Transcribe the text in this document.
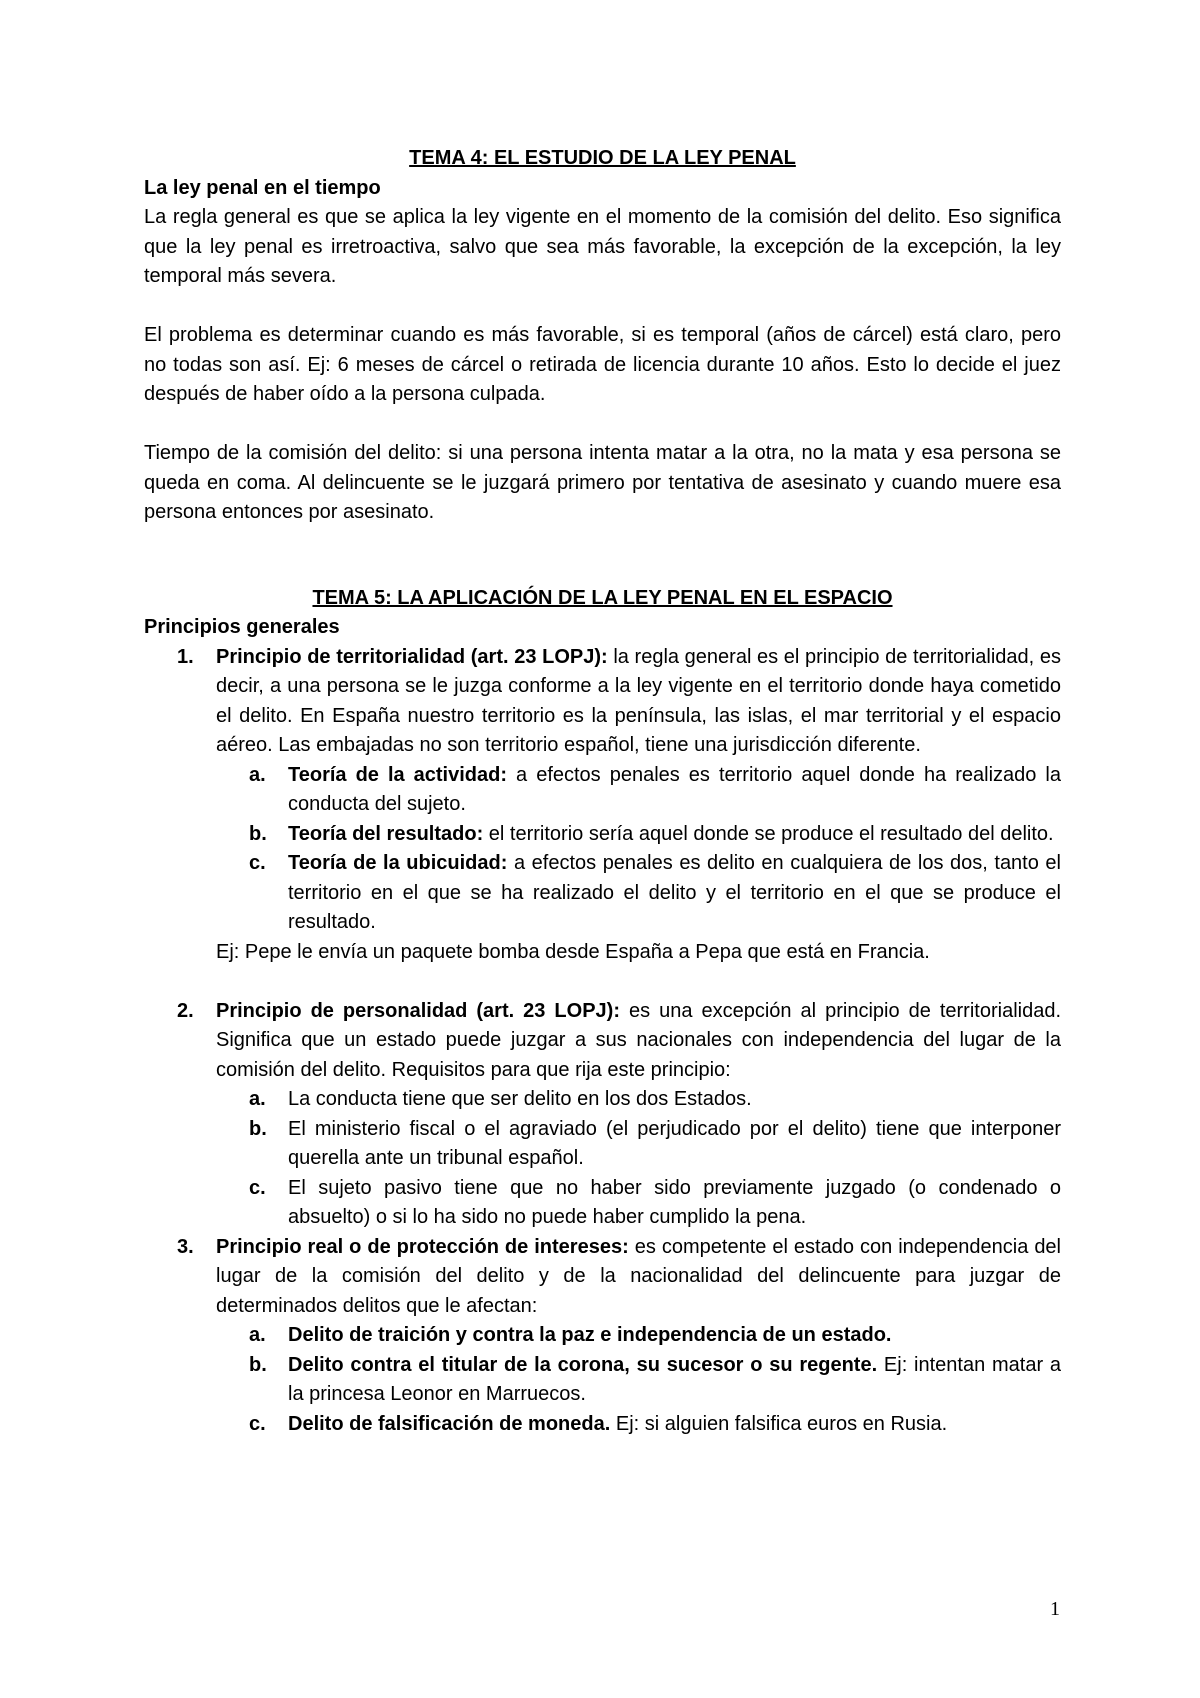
TEMA 4: EL ESTUDIO DE LA LEY PENAL
La ley penal en el tiempo
La regla general es que se aplica la ley vigente en el momento de la comisión del delito. Eso significa que la ley penal es irretroactiva, salvo que sea más favorable, la excepción de la excepción, la ley temporal más severa.
El problema es determinar cuando es más favorable, si es temporal (años de cárcel) está claro, pero no todas son así. Ej: 6 meses de cárcel o retirada de licencia durante 10 años. Esto lo decide el juez después de haber oído a la persona culpada.
Tiempo de la comisión del delito: si una persona intenta matar a la otra, no la mata y esa persona se queda en coma. Al delincuente se le juzgará primero por tentativa de asesinato y cuando muere esa persona entonces por asesinato.
TEMA 5: LA APLICACIÓN DE LA LEY PENAL EN EL ESPACIO
Principios generales
1. Principio de territorialidad (art. 23 LOPJ): la regla general es el principio de territorialidad, es decir, a una persona se le juzga conforme a la ley vigente en el territorio donde haya cometido el delito. En España nuestro territorio es la península, las islas, el mar territorial y el espacio aéreo. Las embajadas no son territorio español, tiene una jurisdicción diferente.
a. Teoría de la actividad: a efectos penales es territorio aquel donde ha realizado la conducta del sujeto.
b. Teoría del resultado: el territorio sería aquel donde se produce el resultado del delito.
c. Teoría de la ubicuidad: a efectos penales es delito en cualquiera de los dos, tanto el territorio en el que se ha realizado el delito y el territorio en el que se produce el resultado.
Ej: Pepe le envía un paquete bomba desde España a Pepa que está en Francia.
2. Principio de personalidad (art. 23 LOPJ): es una excepción al principio de territorialidad. Significa que un estado puede juzgar a sus nacionales con independencia del lugar de la comisión del delito. Requisitos para que rija este principio:
a. La conducta tiene que ser delito en los dos Estados.
b. El ministerio fiscal o el agraviado (el perjudicado por el delito) tiene que interponer querella ante un tribunal español.
c. El sujeto pasivo tiene que no haber sido previamente juzgado (o condenado o absuelto) o si lo ha sido no puede haber cumplido la pena.
3. Principio real o de protección de intereses: es competente el estado con independencia del lugar de la comisión del delito y de la nacionalidad del delincuente para juzgar de determinados delitos que le afectan:
a. Delito de traición y contra la paz e independencia de un estado.
b. Delito contra el titular de la corona, su sucesor o su regente. Ej: intentan matar a la princesa Leonor en Marruecos.
c. Delito de falsificación de moneda. Ej: si alguien falsifica euros en Rusia.
1
